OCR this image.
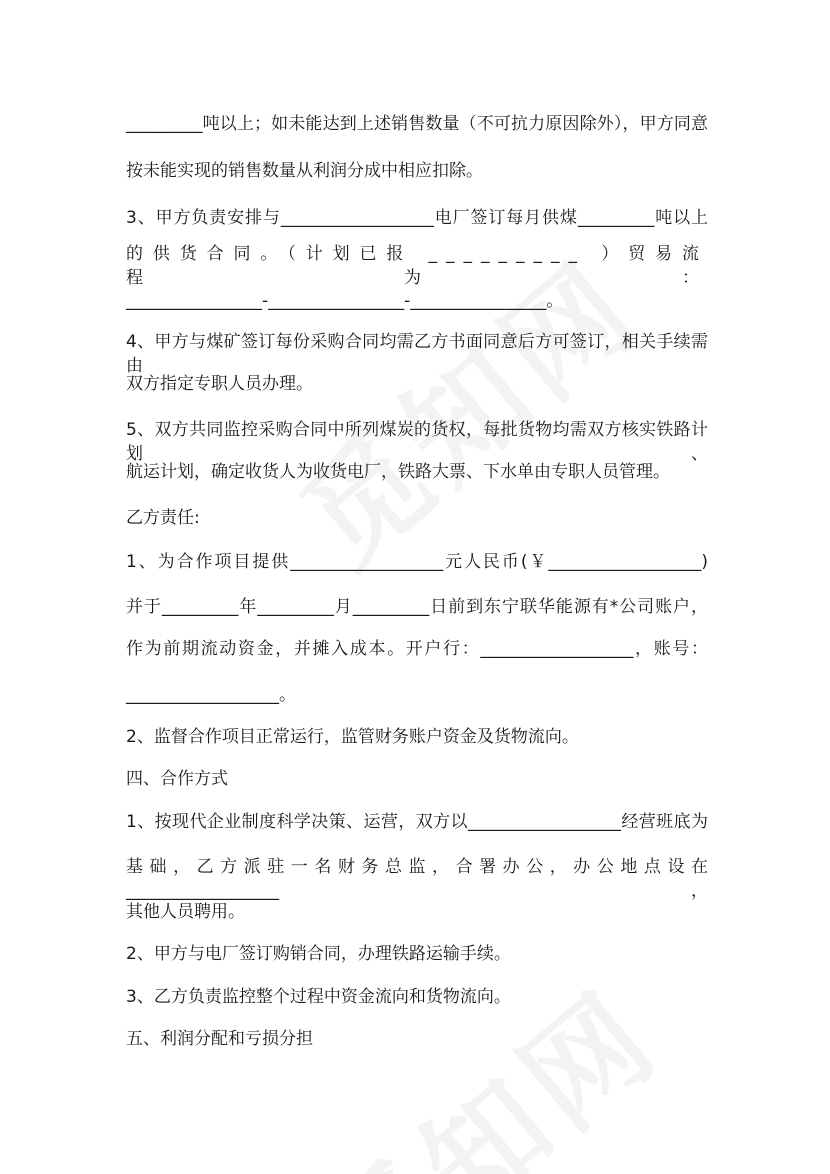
_________吨以上；如未能达到上述销售数量（不可抗力原因除外），甲方同意
按未能实现的销售数量从利润分成中相应扣除。
3、甲方负责安排与__________________电厂签订每月供煤_________吨以上
的供货合同。（计划已报 _________ ）贸易流程为：
________________-________________-________________。
4、甲方与煤矿签订每份采购合同均需乙方书面同意后方可签订，相关手续需由
双方指定专职人员办理。
5、双方共同监控采购合同中所列煤炭的货权，每批货物均需双方核实铁路计划、
航运计划，确定收货人为收货电厂，铁路大票、下水单由专职人员管理。
乙方责任:
1、为合作项目提供__________________元人民币(￥__________________)
并于_________年_________月_________日前到东宁联华能源有*公司账户，
作为前期流动资金，并摊入成本。开户行：__________________，账号：
__________________。
2、监督合作项目正常运行，监管财务账户资金及货物流向。
四、合作方式
1、按现代企业制度科学决策、运营，双方以__________________经营班底为
基础，乙方派驻一名财务总监，合署办公，办公地点设在__________________，
其他人员聘用。
2、甲方与电厂签订购销合同，办理铁路运输手续。
3、乙方负责监控整个过程中资金流向和货物流向。
五、利润分配和亏损分担
